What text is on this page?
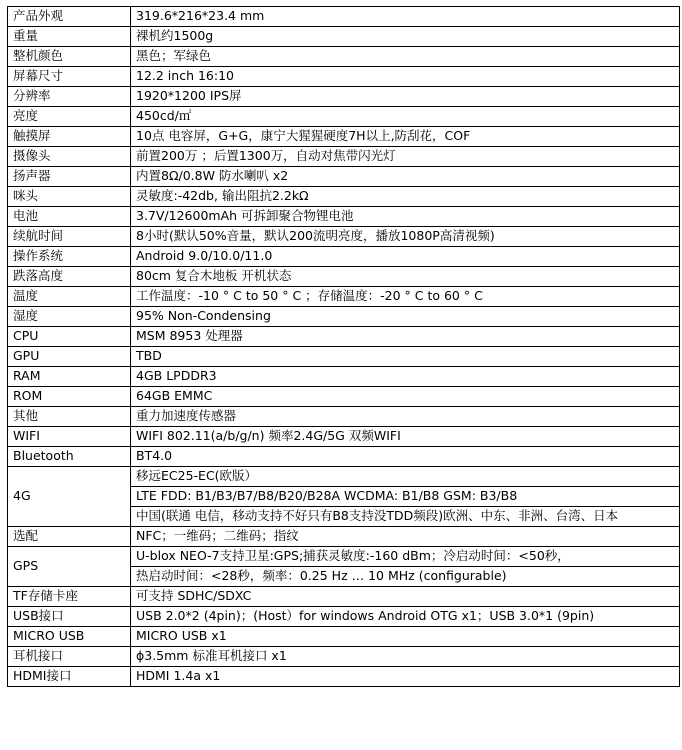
产品外观	319.6*216*23.4 mm
重量	裸机约1500g
整机颜色	黑色；军绿色
屏幕尺寸	12.2 inch 16:10
分辨率	1920*1200 IPS屏
亮度	450cd/㎡
触摸屏	10点 电容屏，G+G，康宁大猩猩硬度7H以上,防刮花，COF
摄像头	前置200万 ；后置1300万，自动对焦带闪光灯
扬声器	内置8Ω/0.8W 防水喇叭 x2
咪头	灵敏度:-42db, 输出阻抗2.2kΩ
电池	3.7V/12600mAh 可拆卸聚合物锂电池
续航时间	8小时(默认50%音量，默认200流明亮度，播放1080P高清视频)
操作系统	Android 9.0/10.0/11.0
跌落高度	80cm 复合木地板 开机状态
温度	工作温度：-10 ° C to 50 ° C ；存储温度：-20 ° C to 60 ° C
湿度	95% Non-Condensing
CPU	MSM 8953 处理器
GPU	TBD
RAM	4GB LPDDR3
ROM	64GB EMMC
其他	重力加速度传感器
WIFI	WIFI 802.11(a/b/g/n) 频率2.4G/5G 双频WIFI
Bluetooth	BT4.0
4G	移远EC25-EC(欧版）
	LTE FDD: B1/B3/B7/B8/B20/B28A WCDMA: B1/B8 GSM: B3/B8
	中国(联通 电信，移动支持不好只有B8支持没TDD频段)欧洲、中东、非洲、台湾、日本
选配	NFC；一维码；二维码；指纹
GPS	U-blox NEO-7支持卫星:GPS;捕获灵敏度:-160 dBm；冷启动时间：<50秒，
	热启动时间：<28秒，频率：0.25 Hz … 10 MHz (configurable)
TF存储卡座	可支持 SDHC/SDXC
USB接口	USB 2.0*2 (4pin)；(Host）for windows Android OTG x1；USB 3.0*1 (9pin)
MICRO USB	MICRO USB x1
耳机接口	ɸ3.5mm 标准耳机接口 x1
HDMI接口	HDMI 1.4a x1
